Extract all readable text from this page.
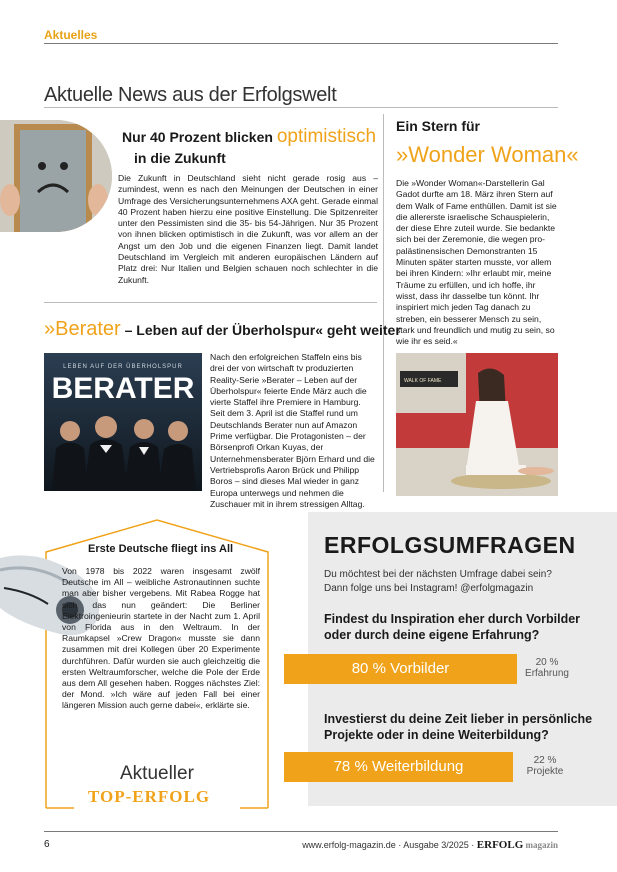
Aktuelles
Aktuelle News aus der Erfolgswelt
Nur 40 Prozent blicken optimistisch
in die Zukunft

Die Zukunft in Deutschland sieht nicht gerade rosig aus – zumindest, wenn es nach den Meinungen der Deutschen in einer Umfrage des Versicherungsunternehmens AXA geht. Gerade einmal 40 Prozent haben hierzu eine positive Einstellung. Die Spitzenreiter unter den Pessimisten sind die 35- bis 54-Jährigen. Nur 35 Prozent von ihnen blicken optimistisch in die Zukunft, was vor allem an der Angst um den Job und die eigenen Finanzen liegt. Damit landet Deutschland im Vergleich mit anderen europäischen Ländern auf Platz drei: Nur Italien und Belgien schauen noch schlechter in die Zukunft.

Ein Stern für
»Wonder Woman«
Die »Wonder Woman«-Darstellerin Gal Gadot durfte am 18. März ihren Stern auf dem Walk of Fame enthüllen. Damit ist sie die allererste israelische Schauspielerin, der diese Ehre zuteil wurde. Sie bedankte sich bei der Zeremonie, die wegen pro-palästinensischen Demonstranten 15 Minuten später starten musste, vor allem bei ihren Kindern: »Ihr erlaubt mir, meine Träume zu erfüllen, und ich hoffe, ihr wisst, dass ihr dasselbe tun könnt. Ihr inspiriert mich jeden Tag danach zu streben, ein besserer Mensch zu sein, stark und freundlich und mutig zu sein, so wie ihr es seid.«
WALK OF FAME
»Berater – Leben auf der Überholspur« geht weiter
LEBEN AUF DER ÜBERHOLSPUR
BERATER
Nach den erfolgreichen Staffeln eins bis drei der von wirtschaft tv produzierten Reality-Serie »Berater – Leben auf der Überholspur« feierte Ende März auch die vierte Staffel ihre Premiere in Hamburg. Seit dem 3. April ist die Staffel rund um Deutschlands Berater nun auf Amazon Prime verfügbar. Die Protagonisten – der Börsenprofi Orkan Kuyas, der Unternehmensberater Björn Erhard und die Vertriebsprofis Aaron Brück und Philipp Boros – sind dieses Mal wieder in ganz Europa unterwegs und nehmen die Zuschauer mit in ihrem stressigen Alltag.
Erste Deutsche fliegt ins All
Von 1978 bis 2022 waren insgesamt zwölf Deutsche im All – weibliche Astronautinnen suchte man aber bisher vergebens. Mit Rabea Rogge hat sich das nun geändert: Die Berliner Elektroingenieurin startete in der Nacht zum 1. April von Florida aus in den Weltraum. In der Raumkapsel »Crew Dragon« musste sie dann zusammen mit drei Kollegen über 20 Experimente durchführen. Dafür wurden sie auch gleichzeitig die ersten Weltraumforscher, welche die Pole der Erde aus dem All gesehen haben. Rogges nächstes Ziel: der Mond. »Ich wäre auf jeden Fall bei einer längeren Mission auch gerne dabei«, erklärte sie.
Aktueller
TOP-ERFOLG
ERFOLGSUMFRAGEN
Du möchtest bei der nächsten Umfrage dabei sein?
Dann folge uns bei Instagram! @erfolgmagazin
Findest du Inspiration eher durch Vorbilder oder durch deine eigene Erfahrung?
80 % Vorbilder	20 %
Erfahrung
Investierst du deine Zeit lieber in persönliche Projekte oder in deine Weiterbildung?
78 % Weiterbildung	22 %
Projekte
6	www.erfolg-magazin.de · Ausgabe 3/2025 · ERFOLG magazin
